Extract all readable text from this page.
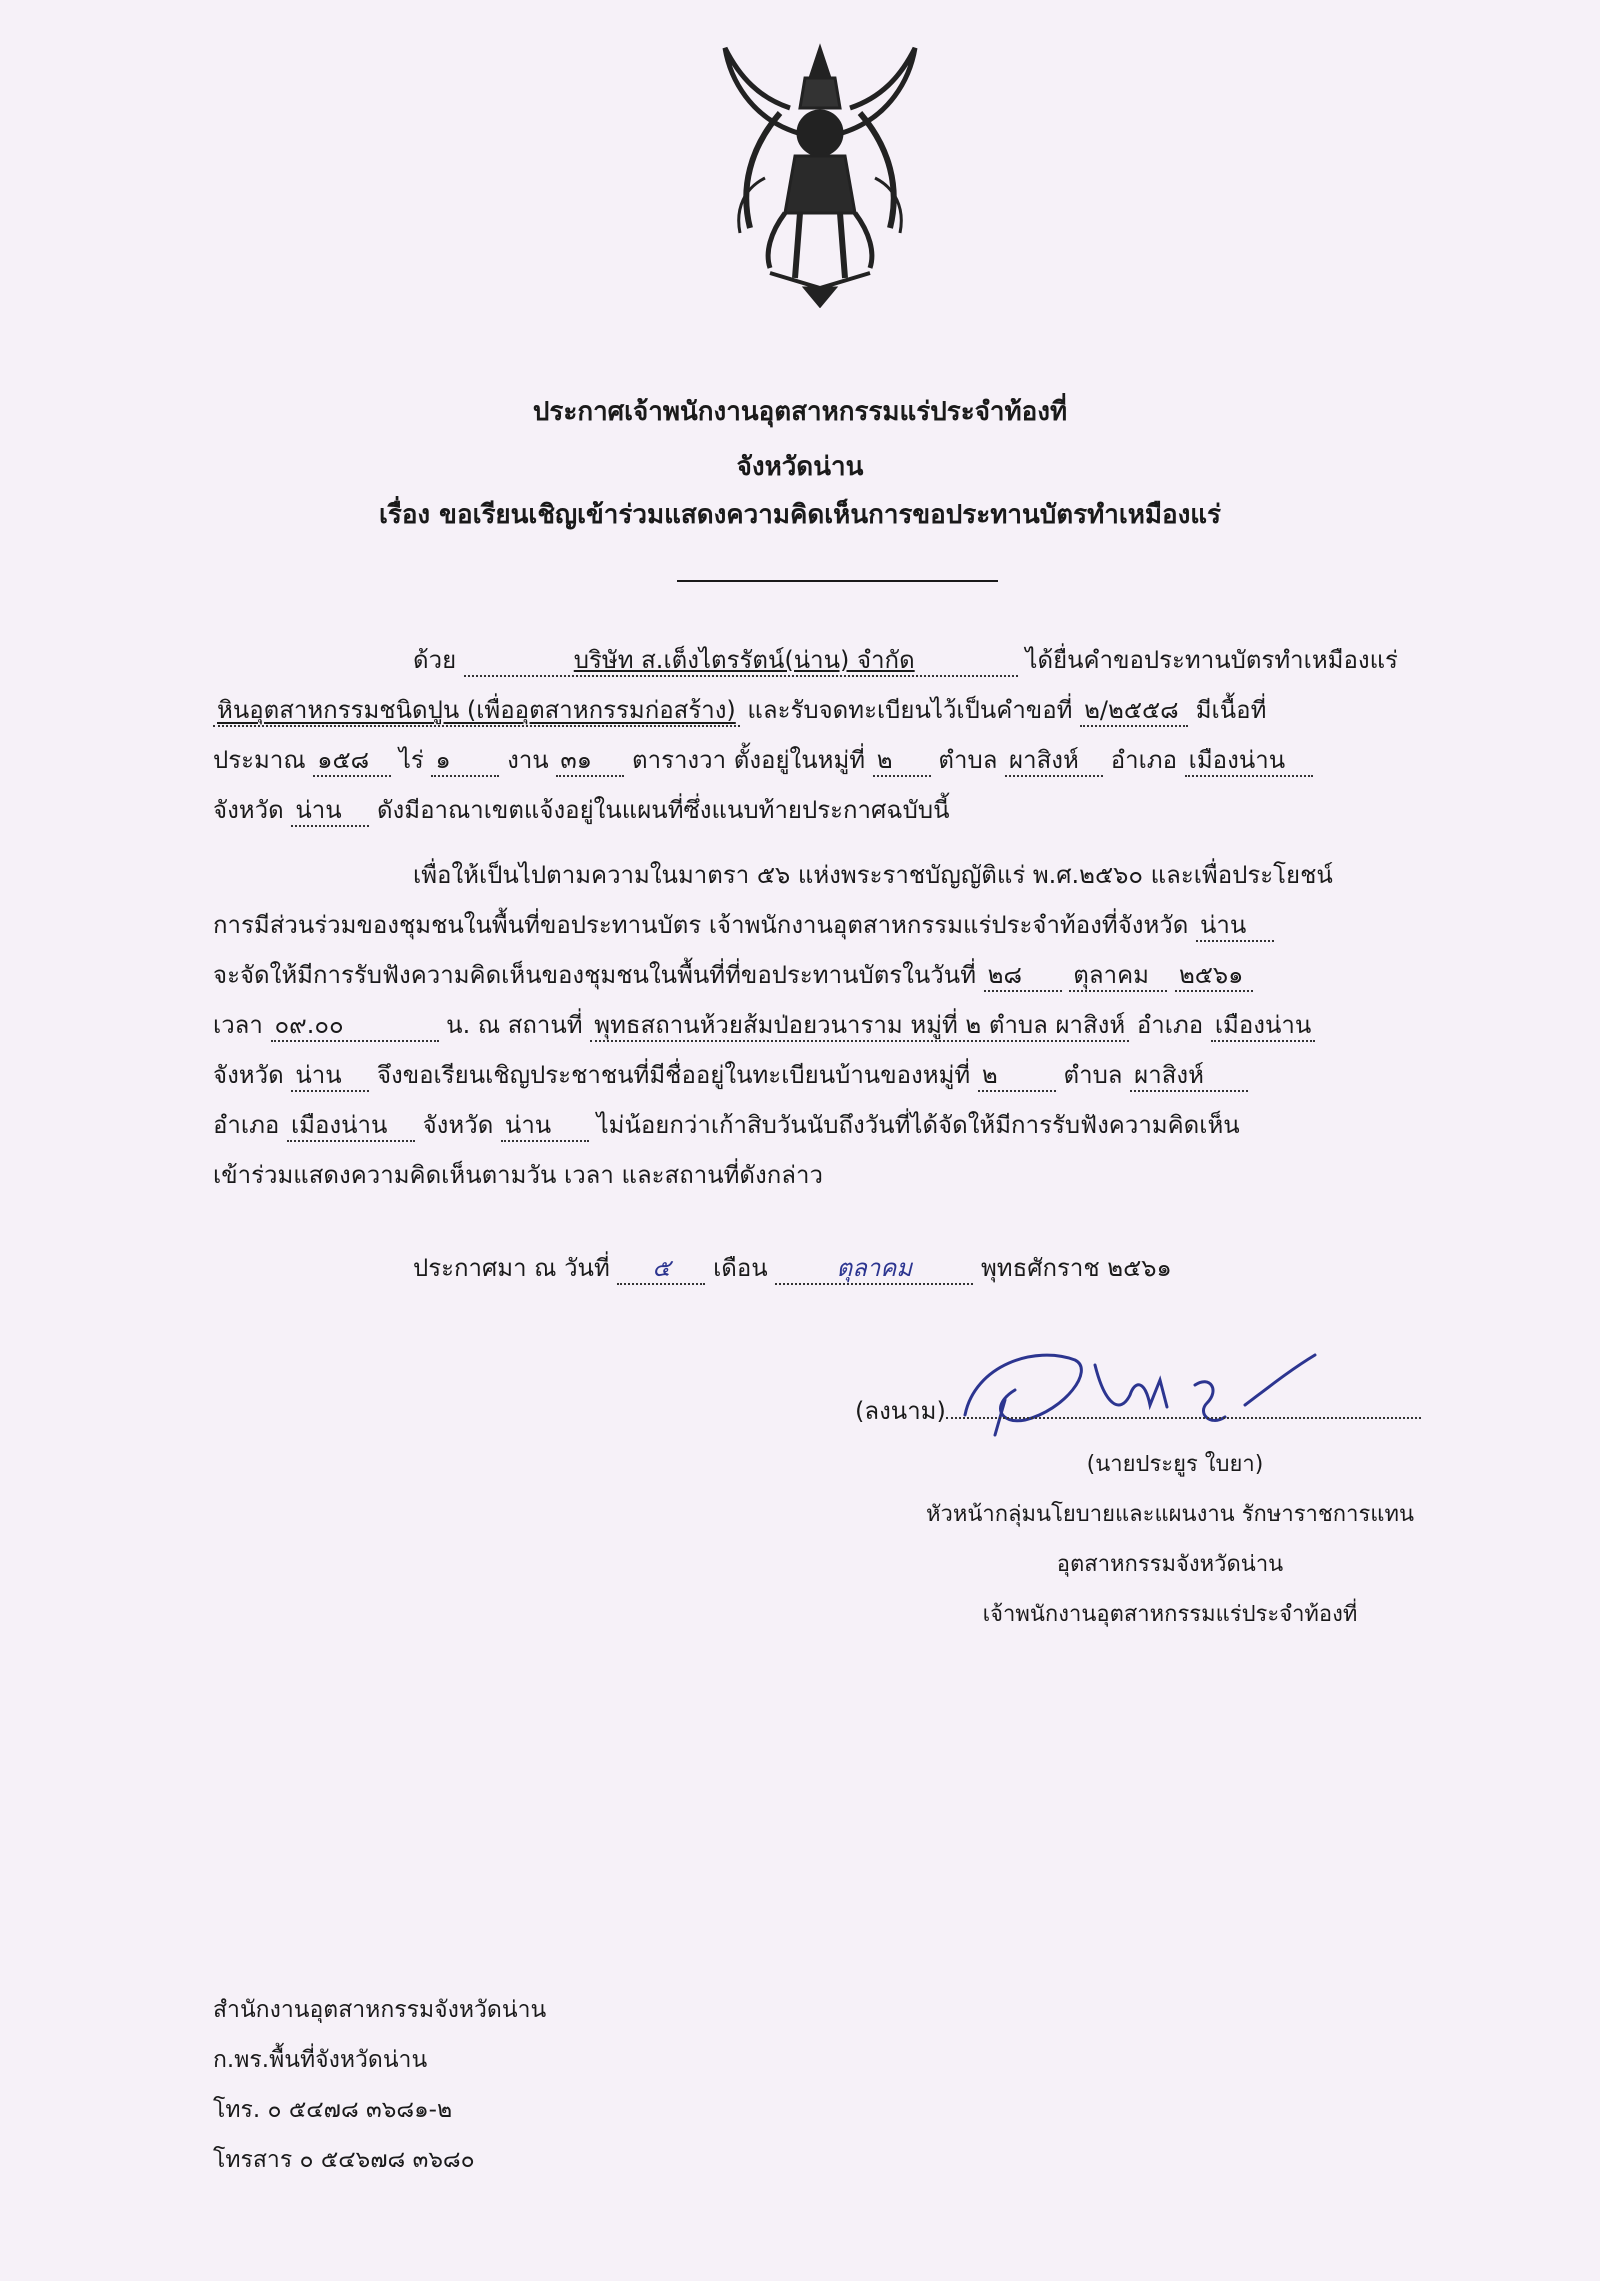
ประกาศเจ้าพนักงานอุตสาหกรรมแร่ประจำท้องที่
จังหวัดน่าน
เรื่อง ขอเรียนเชิญเข้าร่วมแสดงความคิดเห็นการขอประทานบัตรทำเหมืองแร่
ด้วย	บริษัท ส.เต็งไตรรัตน์(น่าน) จำกัด	ได้ยื่นคำขอประทานบัตรทำเหมืองแร่
หินอุตสาหกรรมชนิดปูน (เพื่ออุตสาหกรรมก่อสร้าง) และรับจดทะเบียนไว้เป็นคำขอที่ ๒/๒๕๕๘ มีเนื้อที่
ประมาณ ๑๕๘ ไร่ ๑ งาน ๓๑ ตารางวา ตั้งอยู่ในหมู่ที่ ๒ ตำบล ผาสิงห์ อำเภอ เมืองน่าน
จังหวัด น่าน ดังมีอาณาเขตแจ้งอยู่ในแผนที่ซึ่งแนบท้ายประกาศฉบับนี้
เพื่อให้เป็นไปตามความในมาตรา ๕๖ แห่งพระราชบัญญัติแร่ พ.ศ.๒๕๖๐ และเพื่อประโยชน์
การมีส่วนร่วมของชุมชนในพื้นที่ขอประทานบัตร เจ้าพนักงานอุตสาหกรรมแร่ประจำท้องที่จังหวัด น่าน
จะจัดให้มีการรับฟังความคิดเห็นของชุมชนในพื้นที่ที่ขอประทานบัตรในวันที่ ๒๘ ตุลาคม ๒๕๖๑
เวลา ๐๙.๐๐	น. ณ สถานที่ พุทธสถานห้วยส้มป่อยวนาราม หมู่ที่ ๒ ตำบล ผาสิงห์ อำเภอ เมืองน่าน
จังหวัด น่าน จึงขอเรียนเชิญประชาชนที่มีชื่ออยู่ในทะเบียนบ้านของหมู่ที่ ๒	ตำบล ผาสิงห์
อำเภอ เมืองน่าน จังหวัด น่าน ไม่น้อยกว่าเก้าสิบวันนับถึงวันที่ได้จัดให้มีการรับฟังความคิดเห็น
เข้าร่วมแสดงความคิดเห็นตามวัน เวลา และสถานที่ดังกล่าว
ประกาศมา ณ วันที่ ๕ เดือน	ตุลาคม	พุทธศักราช ๒๕๖๑
(ลงนาม)
(นายประยูร ใบยา)
หัวหน้ากลุ่มนโยบายและแผนงาน รักษาราชการแทน
อุตสาหกรรมจังหวัดน่าน
เจ้าพนักงานอุตสาหกรรมแร่ประจำท้องที่
สำนักงานอุตสาหกรรมจังหวัดน่าน
ก.พร.พื้นที่จังหวัดน่าน
โทร. ๐ ๕๔๗๘ ๓๖๘๑-๒
โทรสาร ๐ ๕๔๖๗๘ ๓๖๘๐
